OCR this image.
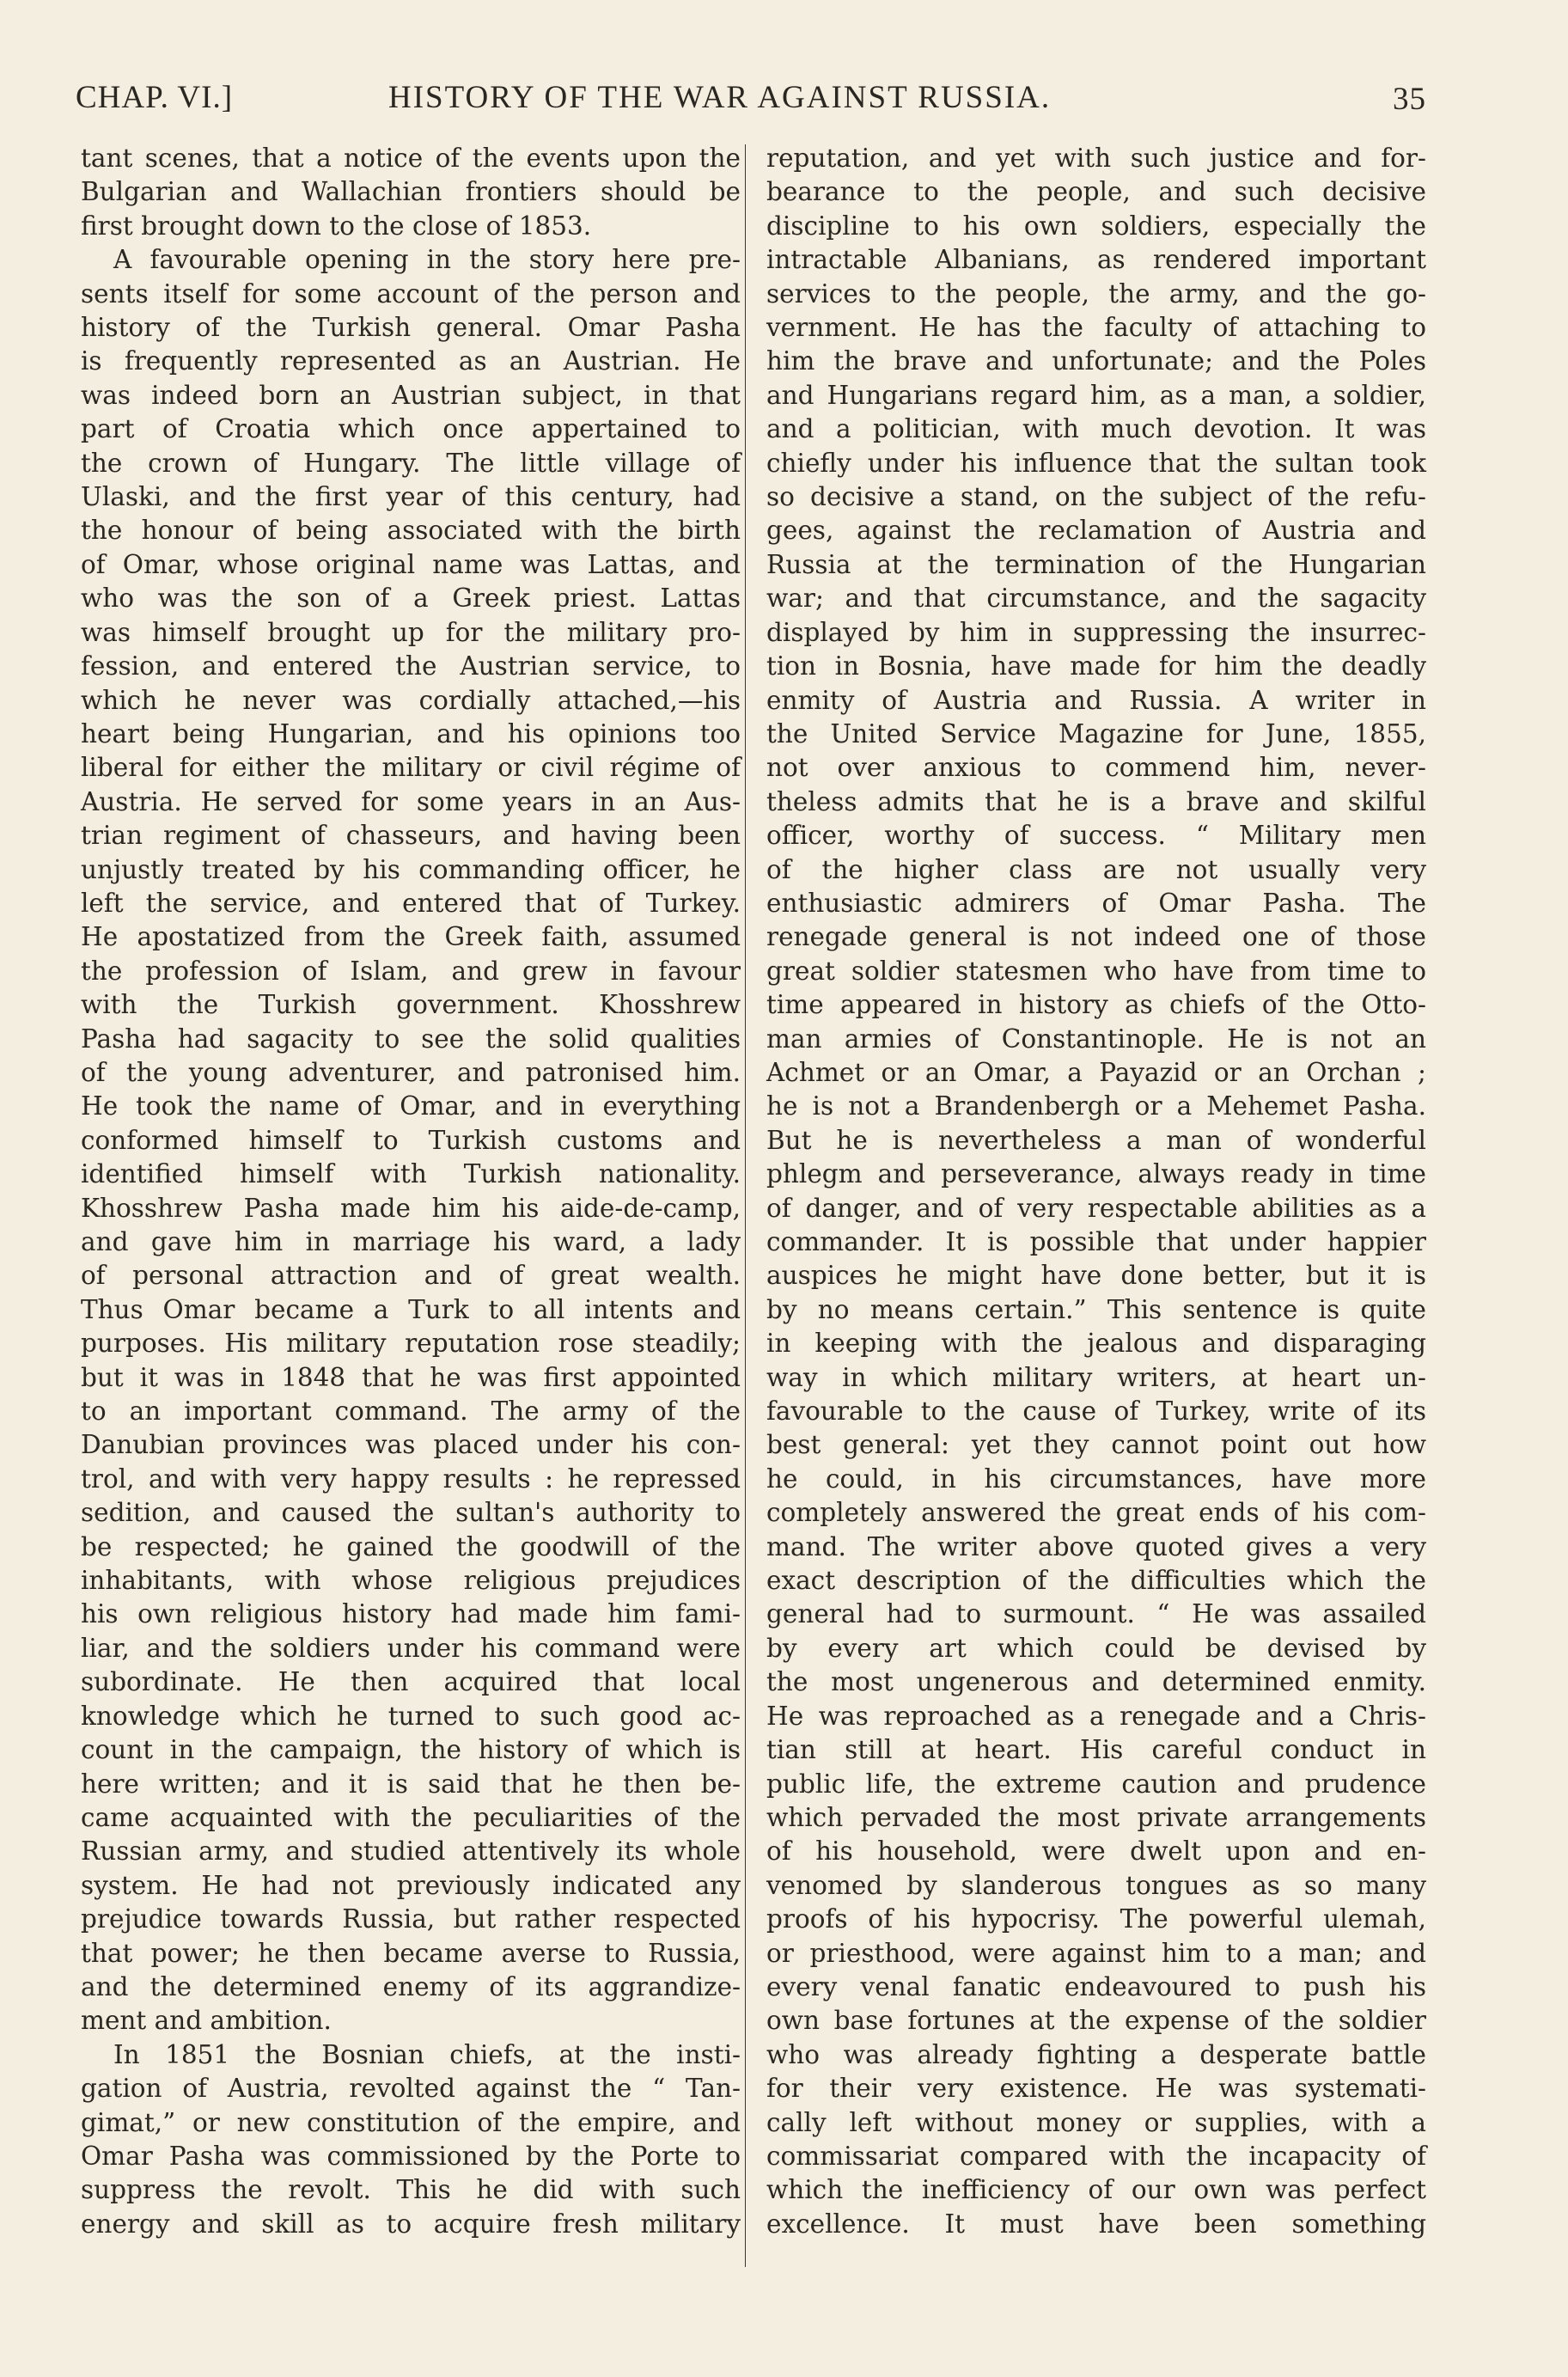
CHAP. VI.]	HISTORY OF THE WAR AGAINST RUSSIA.	35
tant scenes, that a notice of the events upon the
Bulgarian and Wallachian frontiers should be
first brought down to the close of 1853.
A favourable opening in the story here pre-
sents itself for some account of the person and
history of the Turkish general. Omar Pasha
is frequently represented as an Austrian. He
was indeed born an Austrian subject, in that
part of Croatia which once appertained to
the crown of Hungary. The little village of
Ulaski, and the first year of this century, had
the honour of being associated with the birth
of Omar, whose original name was Lattas, and
who was the son of a Greek priest. Lattas
was himself brought up for the military pro-
fession, and entered the Austrian service, to
which he never was cordially attached,—his
heart being Hungarian, and his opinions too
liberal for either the military or civil régime of
Austria. He served for some years in an Aus-
trian regiment of chasseurs, and having been
unjustly treated by his commanding officer, he
left the service, and entered that of Turkey.
He apostatized from the Greek faith, assumed
the profession of Islam, and grew in favour
with the Turkish government. Khosshrew
Pasha had sagacity to see the solid qualities
of the young adventurer, and patronised him.
He took the name of Omar, and in everything
conformed himself to Turkish customs and
identified himself with Turkish nationality.
Khosshrew Pasha made him his aide-de-camp,
and gave him in marriage his ward, a lady
of personal attraction and of great wealth.
Thus Omar became a Turk to all intents and
purposes. His military reputation rose steadily;
but it was in 1848 that he was first appointed
to an important command. The army of the
Danubian provinces was placed under his con-
trol, and with very happy results : he repressed
sedition, and caused the sultan's authority to
be respected; he gained the goodwill of the
inhabitants, with whose religious prejudices
his own religious history had made him fami-
liar, and the soldiers under his command were
subordinate. He then acquired that local
knowledge which he turned to such good ac-
count in the campaign, the history of which is
here written; and it is said that he then be-
came acquainted with the peculiarities of the
Russian army, and studied attentively its whole
system. He had not previously indicated any
prejudice towards Russia, but rather respected
that power; he then became averse to Russia,
and the determined enemy of its aggrandize-
ment and ambition.
In 1851 the Bosnian chiefs, at the insti-
gation of Austria, revolted against the “ Tan-
gimat,” or new constitution of the empire, and
Omar Pasha was commissioned by the Porte to
suppress the revolt. This he did with such
energy and skill as to acquire fresh military
reputation, and yet with such justice and for-
bearance to the people, and such decisive
discipline to his own soldiers, especially the
intractable Albanians, as rendered important
services to the people, the army, and the go-
vernment. He has the faculty of attaching to
him the brave and unfortunate; and the Poles
and Hungarians regard him, as a man, a soldier,
and a politician, with much devotion. It was
chiefly under his influence that the sultan took
so decisive a stand, on the subject of the refu-
gees, against the reclamation of Austria and
Russia at the termination of the Hungarian
war; and that circumstance, and the sagacity
displayed by him in suppressing the insurrec-
tion in Bosnia, have made for him the deadly
enmity of Austria and Russia. A writer in
the United Service Magazine for June, 1855,
not over anxious to commend him, never-
theless admits that he is a brave and skilful
officer, worthy of success. “ Military men
of the higher class are not usually very
enthusiastic admirers of Omar Pasha. The
renegade general is not indeed one of those
great soldier statesmen who have from time to
time appeared in history as chiefs of the Otto-
man armies of Constantinople. He is not an
Achmet or an Omar, a Payazid or an Orchan ;
he is not a Brandenbergh or a Mehemet Pasha.
But he is nevertheless a man of wonderful
phlegm and perseverance, always ready in time
of danger, and of very respectable abilities as a
commander. It is possible that under happier
auspices he might have done better, but it is
by no means certain.” This sentence is quite
in keeping with the jealous and disparaging
way in which military writers, at heart un-
favourable to the cause of Turkey, write of its
best general: yet they cannot point out how
he could, in his circumstances, have more
completely answered the great ends of his com-
mand. The writer above quoted gives a very
exact description of the difficulties which the
general had to surmount. “ He was assailed
by every art which could be devised by
the most ungenerous and determined enmity.
He was reproached as a renegade and a Chris-
tian still at heart. His careful conduct in
public life, the extreme caution and prudence
which pervaded the most private arrangements
of his household, were dwelt upon and en-
venomed by slanderous tongues as so many
proofs of his hypocrisy. The powerful ulemah,
or priesthood, were against him to a man; and
every venal fanatic endeavoured to push his
own base fortunes at the expense of the soldier
who was already fighting a desperate battle
for their very existence. He was systemati-
cally left without money or supplies, with a
commissariat compared with the incapacity of
which the inefficiency of our own was perfect
excellence. It must have been something
